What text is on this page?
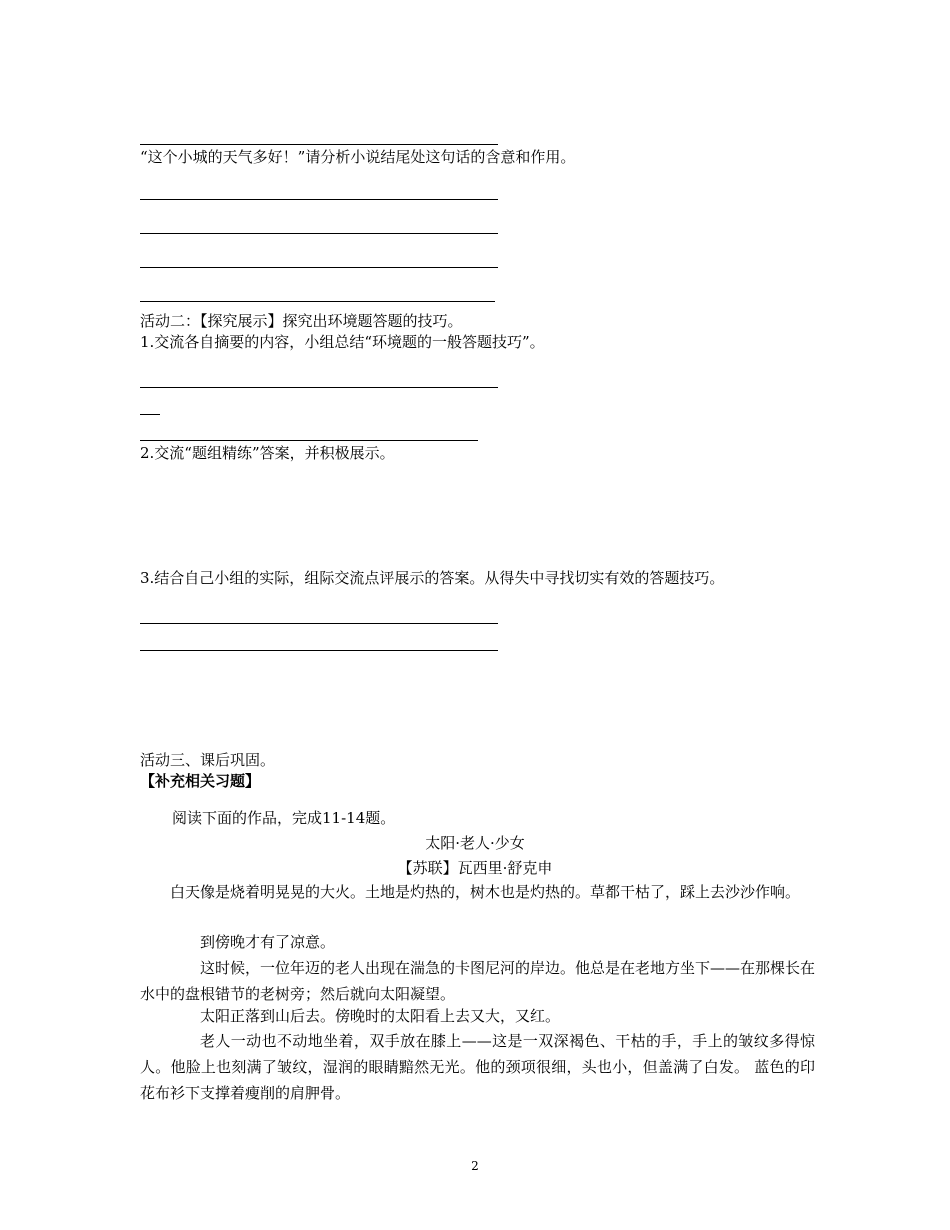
“这个小城的天气多好！”请分析小说结尾处这句话的含意和作用。
活动二：【探究展示】探究出环境题答题的技巧。
1.交流各自摘要的内容，小组总结“环境题的一般答题技巧”。
2.交流“题组精练”答案，并积极展示。
3.结合自己小组的实际，组际交流点评展示的答案。从得失中寻找切实有效的答题技巧。
活动三、课后巩固。
【补充相关习题】
阅读下面的作品，完成11-14题。
太阳·老人·少女
【苏联】瓦西里·舒克申
白天像是烧着明晃晃的大火。土地是灼热的，树木也是灼热的。草都干枯了，踩上去沙沙作响。
到傍晚才有了凉意。
这时候，一位年迈的老人出现在湍急的卡图尼河的岸边。他总是在老地方坐下——在那棵长在水中的盘根错节的老树旁；然后就向太阳凝望。
太阳正落到山后去。傍晚时的太阳看上去又大，又红。
老人一动也不动地坐着，双手放在膝上——这是一双深褐色、干枯的手，手上的皱纹多得惊人。他脸上也刻满了皱纹，湿润的眼睛黯然无光。他的颈项很细，头也小，但盖满了白发。 蓝色的印花布衫下支撑着瘦削的肩胛骨。
2
